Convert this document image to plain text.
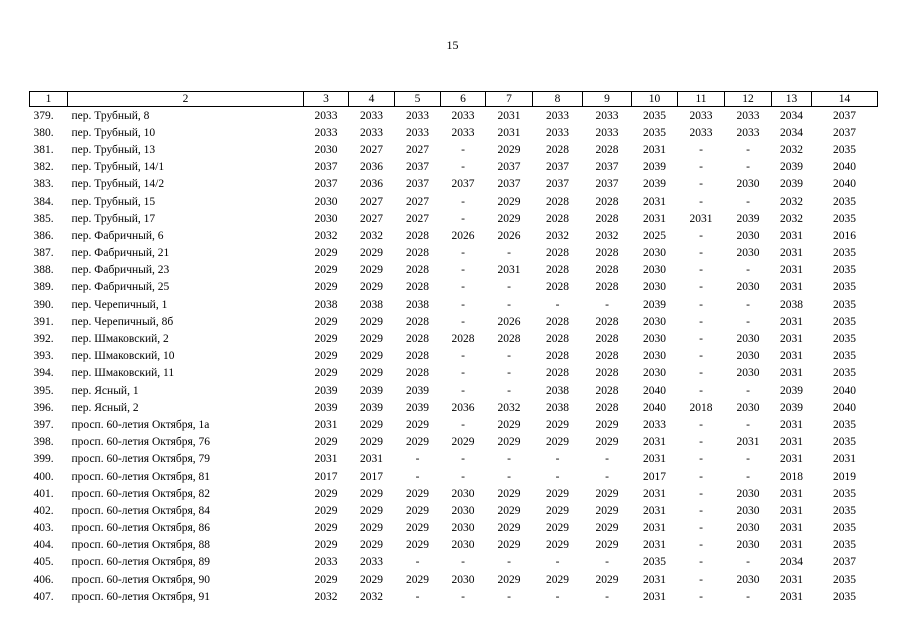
15
1	2	3	4	5	6	7	8	9	10	11	12	13	14
379.	пер. Трубный, 8	2033	2033	2033	2033	2031	2033	2033	2035	2033	2033	2034	2037
380.	пер. Трубный, 10	2033	2033	2033	2033	2031	2033	2033	2035	2033	2033	2034	2037
381.	пер. Трубный, 13	2030	2027	2027	-	2029	2028	2028	2031	-	-	2032	2035
382.	пер. Трубный, 14/1	2037	2036	2037	-	2037	2037	2037	2039	-	-	2039	2040
383.	пер. Трубный, 14/2	2037	2036	2037	2037	2037	2037	2037	2039	-	2030	2039	2040
384.	пер. Трубный, 15	2030	2027	2027	-	2029	2028	2028	2031	-	-	2032	2035
385.	пер. Трубный, 17	2030	2027	2027	-	2029	2028	2028	2031	2031	2039	2032	2035
386.	пер. Фабричный, 6	2032	2032	2028	2026	2026	2032	2032	2025	-	2030	2031	2016
387.	пер. Фабричный, 21	2029	2029	2028	-	-	2028	2028	2030	-	2030	2031	2035
388.	пер. Фабричный, 23	2029	2029	2028	-	2031	2028	2028	2030	-	-	2031	2035
389.	пер. Фабричный, 25	2029	2029	2028	-	-	2028	2028	2030	-	2030	2031	2035
390.	пер. Черепичный, 1	2038	2038	2038	-	-	-	-	2039	-	-	2038	2035
391.	пер. Черепичный, 8б	2029	2029	2028	-	2026	2028	2028	2030	-	-	2031	2035
392.	пер. Шмаковский, 2	2029	2029	2028	2028	2028	2028	2028	2030	-	2030	2031	2035
393.	пер. Шмаковский, 10	2029	2029	2028	-	-	2028	2028	2030	-	2030	2031	2035
394.	пер. Шмаковский, 11	2029	2029	2028	-	-	2028	2028	2030	-	2030	2031	2035
395.	пер. Ясный, 1	2039	2039	2039	-	-	2038	2028	2040	-	-	2039	2040
396.	пер. Ясный, 2	2039	2039	2039	2036	2032	2038	2028	2040	2018	2030	2039	2040
397.	просп. 60-летия Октября, 1а	2031	2029	2029	-	2029	2029	2029	2033	-	-	2031	2035
398.	просп. 60-летия Октября, 76	2029	2029	2029	2029	2029	2029	2029	2031	-	2031	2031	2035
399.	просп. 60-летия Октября, 79	2031	2031	-	-	-	-	-	2031	-	-	2031	2031
400.	просп. 60-летия Октября, 81	2017	2017	-	-	-	-	-	2017	-	-	2018	2019
401.	просп. 60-летия Октября, 82	2029	2029	2029	2030	2029	2029	2029	2031	-	2030	2031	2035
402.	просп. 60-летия Октября, 84	2029	2029	2029	2030	2029	2029	2029	2031	-	2030	2031	2035
403.	просп. 60-летия Октября, 86	2029	2029	2029	2030	2029	2029	2029	2031	-	2030	2031	2035
404.	просп. 60-летия Октября, 88	2029	2029	2029	2030	2029	2029	2029	2031	-	2030	2031	2035
405.	просп. 60-летия Октября, 89	2033	2033	-	-	-	-	-	2035	-	-	2034	2037
406.	просп. 60-летия Октября, 90	2029	2029	2029	2030	2029	2029	2029	2031	-	2030	2031	2035
407.	просп. 60-летия Октября, 91	2032	2032	-	-	-	-	-	2031	-	-	2031	2035
